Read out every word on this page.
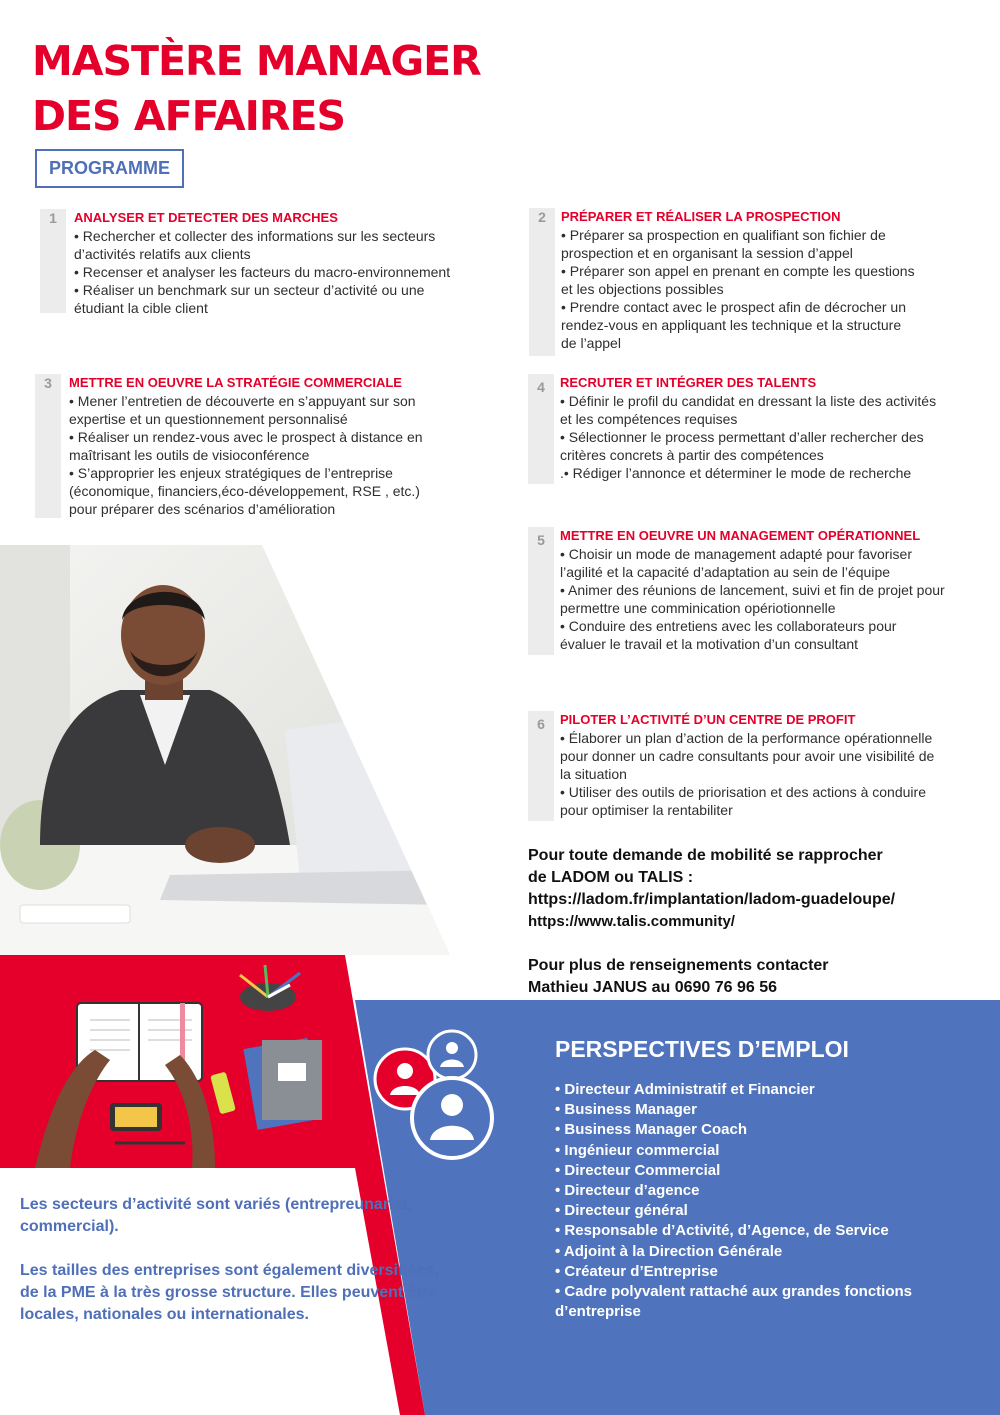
MASTÈRE MANAGER
DES AFFAIRES
PROGRAMME
1	ANALYSER ET DETECTER DES MARCHES

• Rechercher et collecter des informations sur les secteurs
d’activités relatifs aux clients
• Recenser et analyser les facteurs du macro-environnement
• Réaliser un benchmark sur un secteur d’activité ou une
étudiant la cible client

2	PRÉPARER ET RÉALISER LA PROSPECTION

• Préparer sa prospection en qualifiant son fichier de
prospection et en organisant la session d’appel
• Préparer son appel en prenant en compte les questions
et les objections possibles
• Prendre contact avec le prospect afin de décrocher un
rendez-vous en appliquant les technique et la structure
de l’appel

3	METTRE EN OEUVRE LA STRATÉGIE COMMERCIALE

• Mener l’entretien de découverte en s’appuyant sur son
expertise et un questionnement personnalisé
• Réaliser un rendez-vous avec le prospect à distance en
maîtrisant les outils de visioconférence
• S’approprier les enjeux stratégiques de l’entreprise
(économique, financiers,éco-développement, RSE , etc.)
pour préparer des scénarios d’amélioration

4	RECRUTER ET INTÉGRER DES TALENTS

• Définir le profil du candidat en dressant la liste des activités
et les compétences requises
• Sélectionner le process permettant d’aller rechercher des
critères concrets à partir des compétences
.• Rédiger l’annonce et déterminer le mode de recherche

5	METTRE EN OEUVRE UN MANAGEMENT OPÉRATIONNEL

• Choisir un mode de management adapté pour favoriser
l’agilité et la capacité d’adaptation au sein de l’équipe
• Animer des réunions de lancement, suivi et fin de projet pour
permettre une comminication opériotionnelle
• Conduire des entretiens avec les collaborateurs pour
évaluer le travail et la motivation d’un consultant

6	PILOTER L’ACTIVITÉ D’UN CENTRE DE PROFIT

• Élaborer un plan d’action de la performance opérationnelle
pour donner un cadre consultants pour avoir une visibilité de
la situation
• Utiliser des outils de priorisation et des actions à conduire
pour optimiser la rentabiliter

Pour toute demande de mobilité se rapprocher
de LADOM ou TALIS :
https://ladom.fr/implantation/ladom-guadeloupe/
https://www.talis.community/
Pour plus de renseignements contacter
Mathieu JANUS au 0690 76 96 56
PERSPECTIVES D’EMPLOI
• Directeur Administratif et Financier
• Business Manager
• Business Manager Coach
• Ingénieur commercial
• Directeur Commercial
• Directeur d’agence
• Directeur général
• Responsable d’Activité, d’Agence, de Service
• Adjoint à la Direction Générale
• Créateur d’Entreprise
• Cadre polyvalent rattaché aux grandes fonctions d’entreprise

Les secteurs d’activité sont variés (entrepreunariat, commercial).

Les tailles des entreprises sont également diversifiées, de la PME à la très grosse structure. Elles peuvent être locales, nationales ou internationales.
